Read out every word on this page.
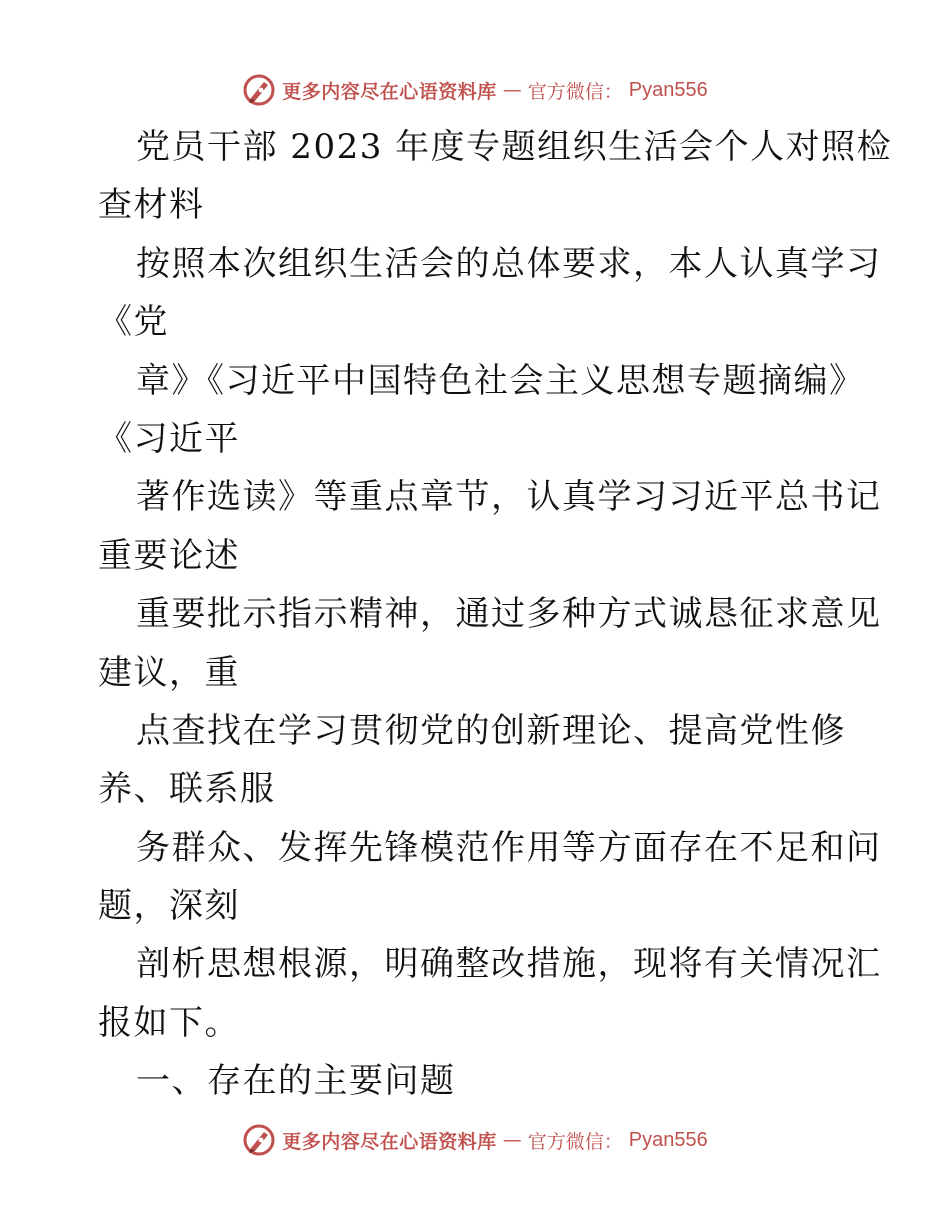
更多内容尽在心语资料库 — 官方微信： Pyan556
党员干部 2023 年度专题组织生活会个人对照检
查材料
按照本次组织生活会的总体要求，本人认真学习
《党
章》《习近平中国特色社会主义思想专题摘编》
《习近平
著作选读》等重点章节，认真学习习近平总书记
重要论述
重要批示指示精神，通过多种方式诚恳征求意见
建议，重
点查找在学习贯彻党的创新理论、提高党性修
养、联系服
务群众、发挥先锋模范作用等方面存在不足和问
题，深刻
剖析思想根源，明确整改措施，现将有关情况汇
报如下。
一、存在的主要问题
更多内容尽在心语资料库 — 官方微信： Pyan556
